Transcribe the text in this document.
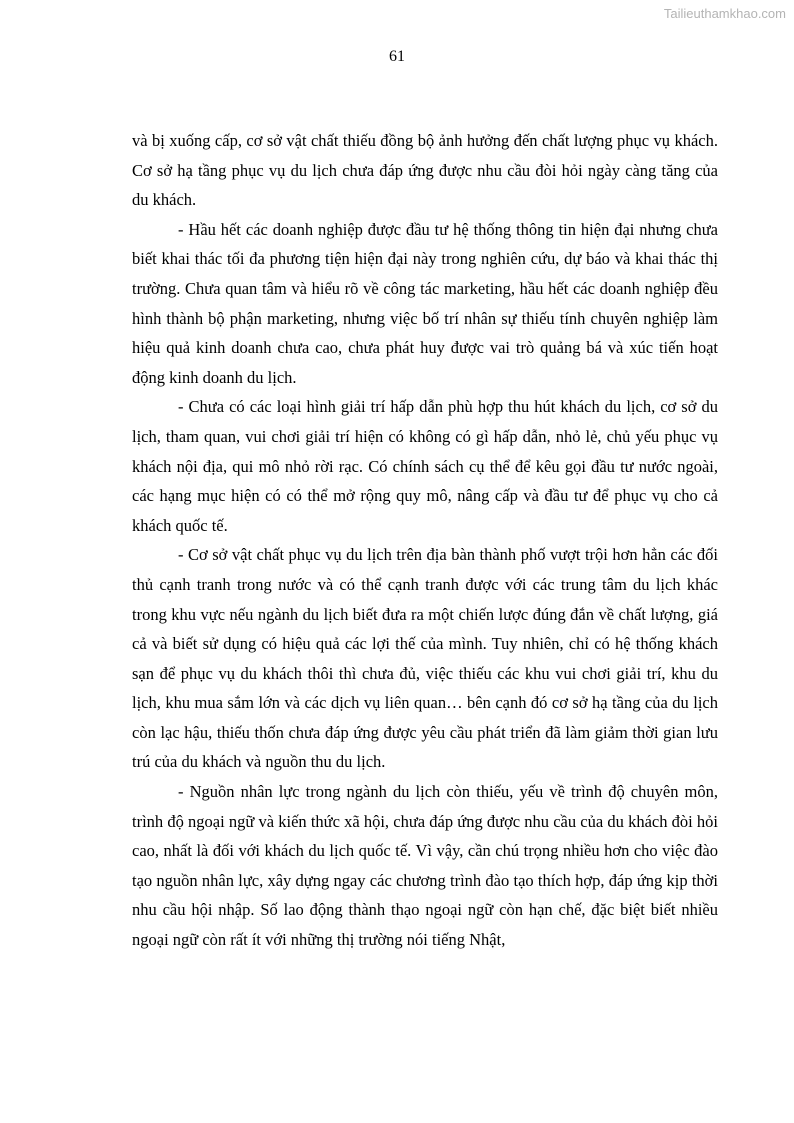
Tailieuthamkhao.com
61

và bị xuống cấp, cơ sở vật chất thiếu đồng bộ ảnh hưởng đến chất lượng phục vụ khách. Cơ sở hạ tầng phục vụ du lịch chưa đáp ứng được nhu cầu đòi hỏi ngày càng tăng của du khách.

- Hầu hết các doanh nghiệp được đầu tư hệ thống thông tin hiện đại nhưng chưa biết khai thác tối đa phương tiện hiện đại này trong nghiên cứu, dự báo và khai thác thị trường. Chưa quan tâm và hiểu rõ về công tác marketing, hầu hết các doanh nghiệp đều hình thành bộ phận marketing, nhưng việc bố trí nhân sự thiếu tính chuyên nghiệp làm hiệu quả kinh doanh chưa cao, chưa phát huy được vai trò quảng bá và xúc tiến hoạt động kinh doanh du lịch.

- Chưa có các loại hình giải trí hấp dẫn phù hợp thu hút khách du lịch, cơ sở du lịch, tham quan, vui chơi giải trí hiện có không có gì hấp dẫn, nhỏ lẻ, chủ yếu phục vụ khách nội địa, qui mô nhỏ rời rạc. Có chính sách cụ thể để kêu gọi đầu tư nước ngoài, các hạng mục hiện có có thể mở rộng quy mô, nâng cấp và đầu tư để phục vụ cho cả khách quốc tế.

- Cơ sở vật chất phục vụ du lịch trên địa bàn thành phố vượt trội hơn hẳn các đối thủ cạnh tranh trong nước và có thể cạnh tranh được với các trung tâm du lịch khác trong khu vực nếu ngành du lịch biết đưa ra một chiến lược đúng đắn về chất lượng, giá cả và biết sử dụng có hiệu quả các lợi thế của mình. Tuy nhiên, chỉ có hệ thống khách sạn để phục vụ du khách thôi thì chưa đủ, việc thiếu các khu vui chơi giải trí, khu du lịch, khu mua sắm lớn và các dịch vụ liên quan… bên cạnh đó cơ sở hạ tầng của du lịch còn lạc hậu, thiếu thốn chưa đáp ứng được yêu cầu phát triển đã làm giảm thời gian lưu trú của du khách và nguồn thu du lịch.

- Nguồn nhân lực trong ngành du lịch còn thiếu, yếu về trình độ chuyên môn, trình độ ngoại ngữ và kiến thức xã hội, chưa đáp ứng được nhu cầu của du khách đòi hỏi cao, nhất là đối với khách du lịch quốc tế. Vì vậy, cần chú trọng nhiều hơn cho việc đào tạo nguồn nhân lực, xây dựng ngay các chương trình đào tạo thích hợp, đáp ứng kịp thời nhu cầu hội nhập. Số lao động thành thạo ngoại ngữ còn hạn chế, đặc biệt biết nhiều ngoại ngữ còn rất ít với những thị trường nói tiếng Nhật,
